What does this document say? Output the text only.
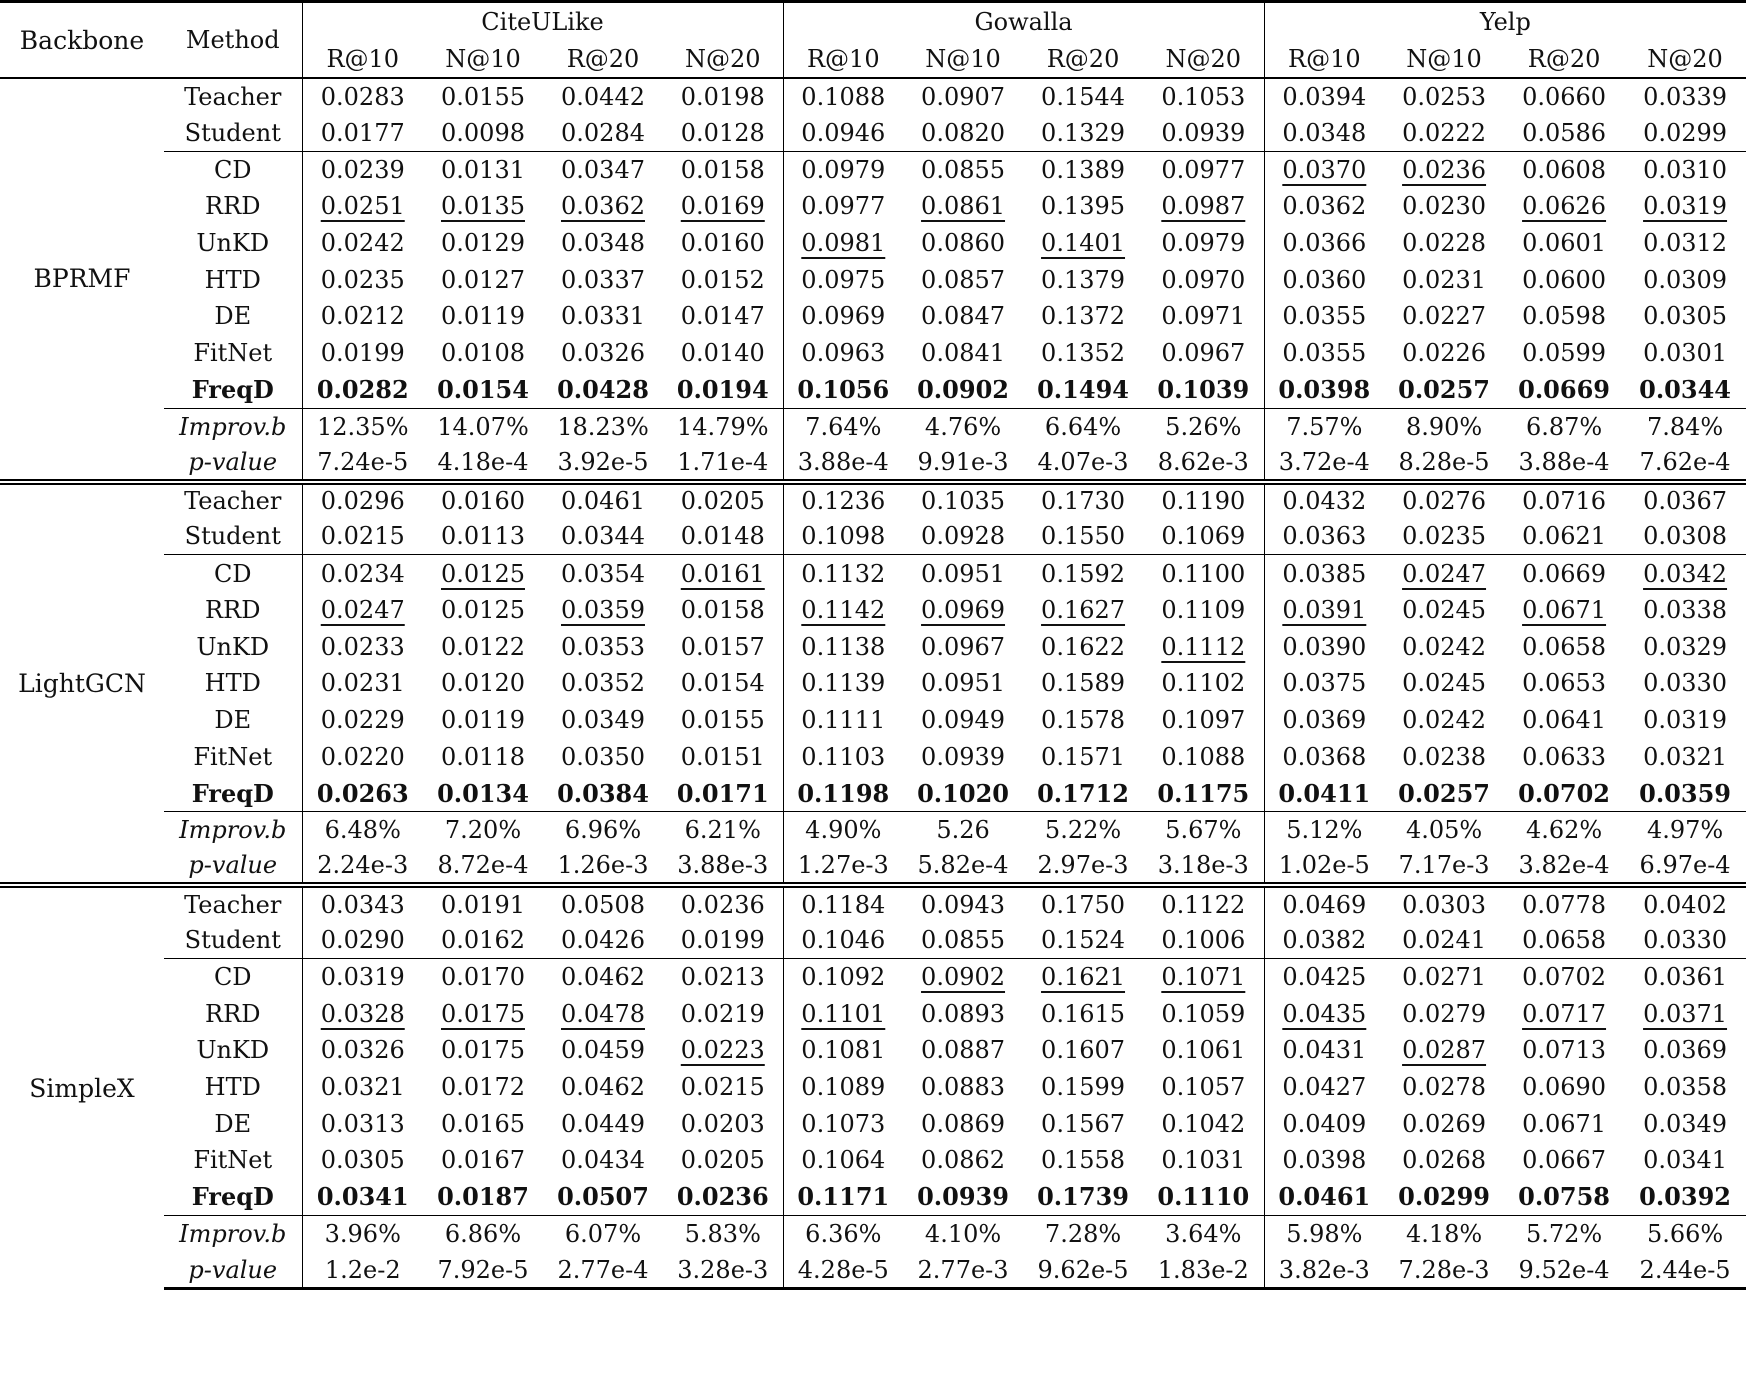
Backbone	Method	CiteULike				Gowalla				Yelp			
		R@10	N@10	R@20	N@20	R@10	N@10	R@20	N@20	R@10	N@10	R@20	N@20
BPRMF	Teacher	0.0283	0.0155	0.0442	0.0198	0.1088	0.0907	0.1544	0.1053	0.0394	0.0253	0.0660	0.0339
	Student	0.0177	0.0098	0.0284	0.0128	0.0946	0.0820	0.1329	0.0939	0.0348	0.0222	0.0586	0.0299
	CD	0.0239	0.0131	0.0347	0.0158	0.0979	0.0855	0.1389	0.0977	0.0370	0.0236	0.0608	0.0310
	RRD	0.0251	0.0135	0.0362	0.0169	0.0977	0.0861	0.1395	0.0987	0.0362	0.0230	0.0626	0.0319
	UnKD	0.0242	0.0129	0.0348	0.0160	0.0981	0.0860	0.1401	0.0979	0.0366	0.0228	0.0601	0.0312
	HTD	0.0235	0.0127	0.0337	0.0152	0.0975	0.0857	0.1379	0.0970	0.0360	0.0231	0.0600	0.0309
	DE	0.0212	0.0119	0.0331	0.0147	0.0969	0.0847	0.1372	0.0971	0.0355	0.0227	0.0598	0.0305
	FitNet	0.0199	0.0108	0.0326	0.0140	0.0963	0.0841	0.1352	0.0967	0.0355	0.0226	0.0599	0.0301
	FreqD	0.0282	0.0154	0.0428	0.0194	0.1056	0.0902	0.1494	0.1039	0.0398	0.0257	0.0669	0.0344
	Improv.b	12.35%	14.07%	18.23%	14.79%	7.64%	4.76%	6.64%	5.26%	7.57%	8.90%	6.87%	7.84%
	p-value	7.24e-5	4.18e-4	3.92e-5	1.71e-4	3.88e-4	9.91e-3	4.07e-3	8.62e-3	3.72e-4	8.28e-5	3.88e-4	7.62e-4
LightGCN	Teacher	0.0296	0.0160	0.0461	0.0205	0.1236	0.1035	0.1730	0.1190	0.0432	0.0276	0.0716	0.0367
	Student	0.0215	0.0113	0.0344	0.0148	0.1098	0.0928	0.1550	0.1069	0.0363	0.0235	0.0621	0.0308
	CD	0.0234	0.0125	0.0354	0.0161	0.1132	0.0951	0.1592	0.1100	0.0385	0.0247	0.0669	0.0342
	RRD	0.0247	0.0125	0.0359	0.0158	0.1142	0.0969	0.1627	0.1109	0.0391	0.0245	0.0671	0.0338
	UnKD	0.0233	0.0122	0.0353	0.0157	0.1138	0.0967	0.1622	0.1112	0.0390	0.0242	0.0658	0.0329
	HTD	0.0231	0.0120	0.0352	0.0154	0.1139	0.0951	0.1589	0.1102	0.0375	0.0245	0.0653	0.0330
	DE	0.0229	0.0119	0.0349	0.0155	0.1111	0.0949	0.1578	0.1097	0.0369	0.0242	0.0641	0.0319
	FitNet	0.0220	0.0118	0.0350	0.0151	0.1103	0.0939	0.1571	0.1088	0.0368	0.0238	0.0633	0.0321
	FreqD	0.0263	0.0134	0.0384	0.0171	0.1198	0.1020	0.1712	0.1175	0.0411	0.0257	0.0702	0.0359
	Improv.b	6.48%	7.20%	6.96%	6.21%	4.90%	5.26	5.22%	5.67%	5.12%	4.05%	4.62%	4.97%
	p-value	2.24e-3	8.72e-4	1.26e-3	3.88e-3	1.27e-3	5.82e-4	2.97e-3	3.18e-3	1.02e-5	7.17e-3	3.82e-4	6.97e-4
SimpleX	Teacher	0.0343	0.0191	0.0508	0.0236	0.1184	0.0943	0.1750	0.1122	0.0469	0.0303	0.0778	0.0402
	Student	0.0290	0.0162	0.0426	0.0199	0.1046	0.0855	0.1524	0.1006	0.0382	0.0241	0.0658	0.0330
	CD	0.0319	0.0170	0.0462	0.0213	0.1092	0.0902	0.1621	0.1071	0.0425	0.0271	0.0702	0.0361
	RRD	0.0328	0.0175	0.0478	0.0219	0.1101	0.0893	0.1615	0.1059	0.0435	0.0279	0.0717	0.0371
	UnKD	0.0326	0.0175	0.0459	0.0223	0.1081	0.0887	0.1607	0.1061	0.0431	0.0287	0.0713	0.0369
	HTD	0.0321	0.0172	0.0462	0.0215	0.1089	0.0883	0.1599	0.1057	0.0427	0.0278	0.0690	0.0358
	DE	0.0313	0.0165	0.0449	0.0203	0.1073	0.0869	0.1567	0.1042	0.0409	0.0269	0.0671	0.0349
	FitNet	0.0305	0.0167	0.0434	0.0205	0.1064	0.0862	0.1558	0.1031	0.0398	0.0268	0.0667	0.0341
	FreqD	0.0341	0.0187	0.0507	0.0236	0.1171	0.0939	0.1739	0.1110	0.0461	0.0299	0.0758	0.0392
	Improv.b	3.96%	6.86%	6.07%	5.83%	6.36%	4.10%	7.28%	3.64%	5.98%	4.18%	5.72%	5.66%
	p-value	1.2e-2	7.92e-5	2.77e-4	3.28e-3	4.28e-5	2.77e-3	9.62e-5	1.83e-2	3.82e-3	7.28e-3	9.52e-4	2.44e-5
